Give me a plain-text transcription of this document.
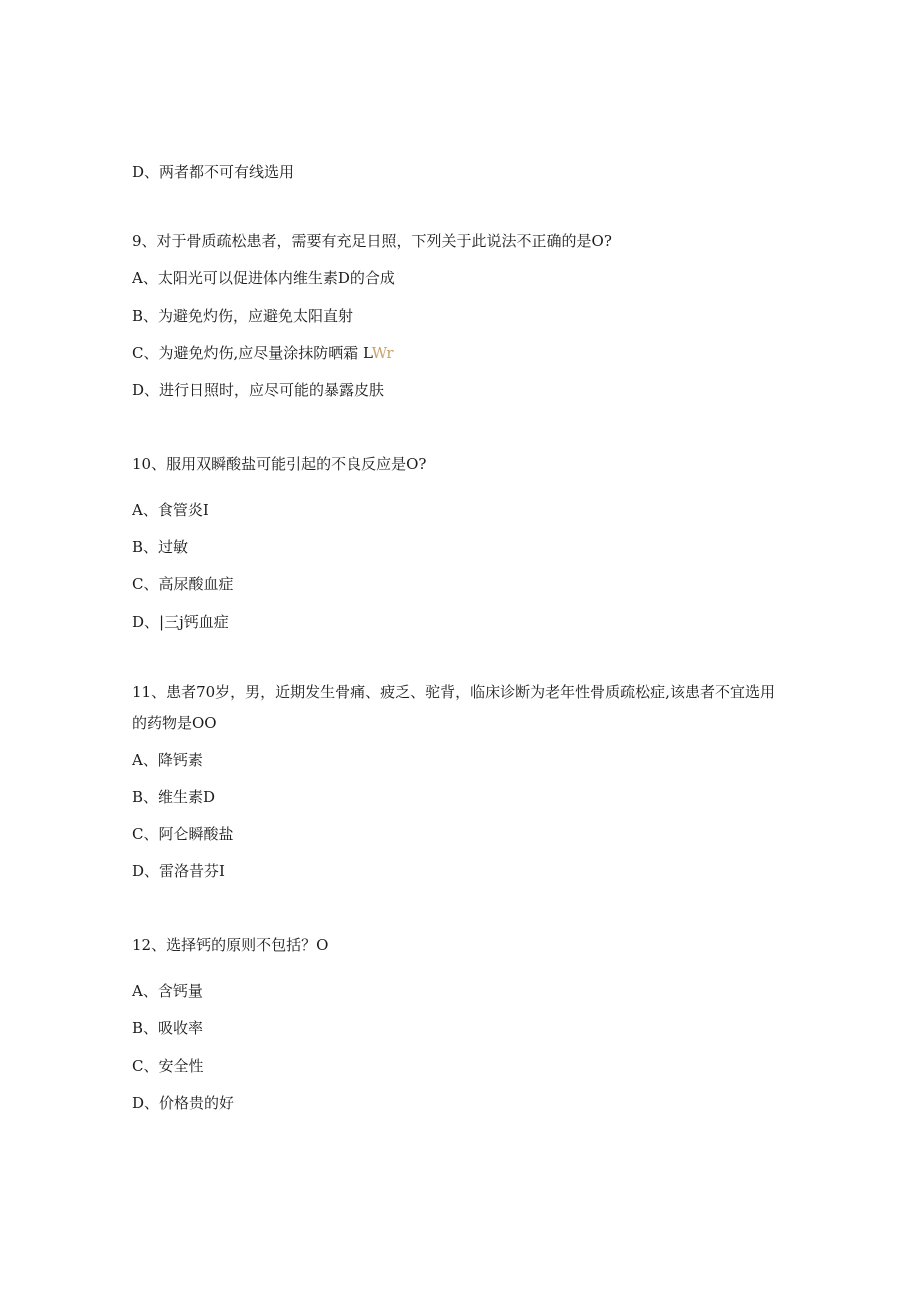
D、两者都不可有线选用
9、对于骨质疏松患者，需要有充足日照，下列关于此说法不正确的是O?
A、太阳光可以促进体内维生素D的合成
B、为避免灼伤，应避免太阳直射
C、为避免灼伤,应尽量涂抹防晒霜 LWr
D、进行日照时，应尽可能的暴露皮肤
10、服用双瞬酸盐可能引起的不良反应是O?
A、食管炎I
B、过敏
C、高尿酸血症
D、|三j钙血症
11、患者70岁，男，近期发生骨痛、疲乏、驼背，临床诊断为老年性骨质疏松症,该患者不宜选用的药物是OO
A、降钙素
B、维生素D
C、阿仑瞬酸盐
D、雷洛昔芬I
12、选择钙的原则不包括？O
A、含钙量
B、吸收率
C、安全性
D、价格贵的好
